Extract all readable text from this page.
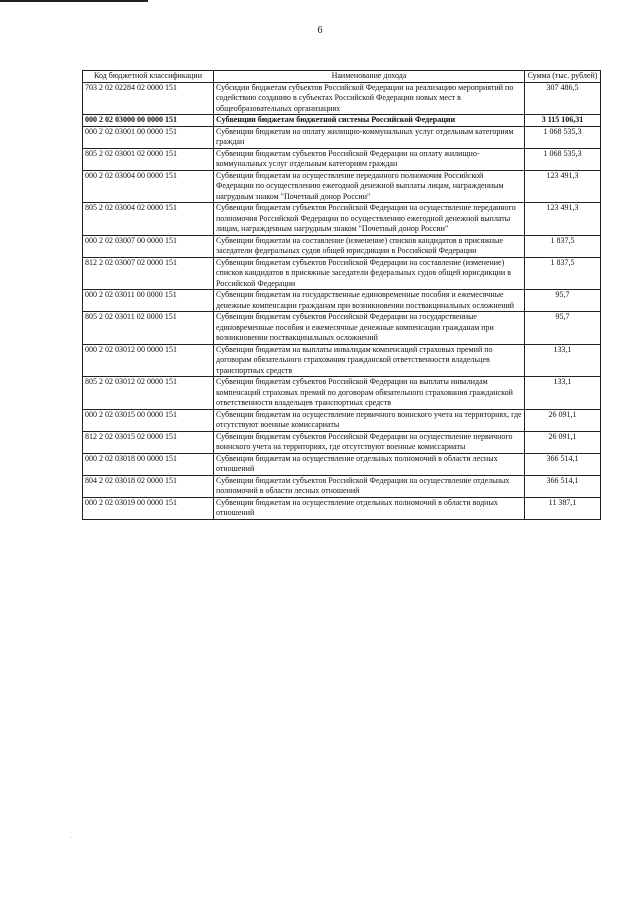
6
Код бюджетной классификации	Наименование дохода	Сумма (тыс. рублей)
703 2 02 02284 02 0000 151	Субсидии бюджетам субъектов Российской Федерации на реализацию мероприятий по содействию созданию в субъектах Российской Федерации новых мест в общеобразовательных организациях	307 486,5
000 2 02 03000 00 0000 151	Субвенции бюджетам бюджетной системы Российской Федерации	3 115 106,31
000 2 02 03001 00 0000 151	Субвенции бюджетам на оплату жилищно-коммунальных услуг отдельным категориям граждан	1 068 535,3
805 2 02 03001 02 0000 151	Субвенции бюджетам субъектов Российской Федерации на оплату жилищно-коммунальных услуг отдельным категориям граждан	1 068 535,3
000 2 02 03004 00 0000 151	Субвенции бюджетам на осуществление переданного полномочия Российской Федерации по осуществлению ежегодной денежной выплаты лицам, награжденным нагрудным знаком "Почетный донор России"	123 491,3
805 2 02 03004 02 0000 151	Субвенции бюджетам субъектов Российской Федерации на осуществление переданного полномочия Российской Федерации по осуществлению ежегодной денежной выплаты лицам, награжденным нагрудным знаком "Почетный донор России"	123 491,3
000 2 02 03007 00 0000 151	Субвенции бюджетам на составление (изменение) списков кандидатов в присяжные заседатели федеральных судов общей юрисдикции в Российской Федерации	1 837,5
812 2 02 03007 02 0000 151	Субвенции бюджетам субъектов Российской Федерации на составление (изменение) списков кандидатов в присяжные заседатели федеральных судов общей юрисдикции в Российской Федерации	1 837,5
000 2 02 03011 00 0000 151	Субвенции бюджетам на государственные единовременные пособия и ежемесячные денежные компенсации гражданам при возникновении поствакцинальных осложнений	95,7
805 2 02 03011 02 0000 151	Субвенции бюджетам субъектов Российской Федерации на государственные единовременные пособия и ежемесячные денежные компенсации гражданам при возникновении поствакцинальных осложнений	95,7
000 2 02 03012 00 0000 151	Субвенции бюджетам на выплаты инвалидам компенсаций страховых премий по договорам обязательного страхования гражданской ответственности владельцев транспортных средств	133,1
805 2 02 03012 02 0000 151	Субвенции бюджетам субъектов Российской Федерации на выплаты инвалидам компенсаций страховых премий по договорам обязательного страхования гражданской ответственности владельцев транспортных средств	133,1
000 2 02 03015 00 0000 151	Субвенции бюджетам на осуществление первичного воинского учета на территориях, где отсутствуют военные комиссариаты	26 091,1
812 2 02 03015 02 0000 151	Субвенции бюджетам субъектов Российской Федерации на осуществление первичного воинского учета на территориях, где отсутствуют военные комиссариаты	26 091,1
000 2 02 03018 00 0000 151	Субвенции бюджетам на осуществление отдельных полномочий в области лесных отношений	366 514,1
804 2 02 03018 02 0000 151	Субвенции бюджетам субъектов Российской Федерации на осуществление отдельных полномочий в области лесных отношений	366 514,1
000 2 02 03019 00 0000 151	Субвенции бюджетам на осуществление отдельных полномочий в области водных отношений	11 387,1
·
